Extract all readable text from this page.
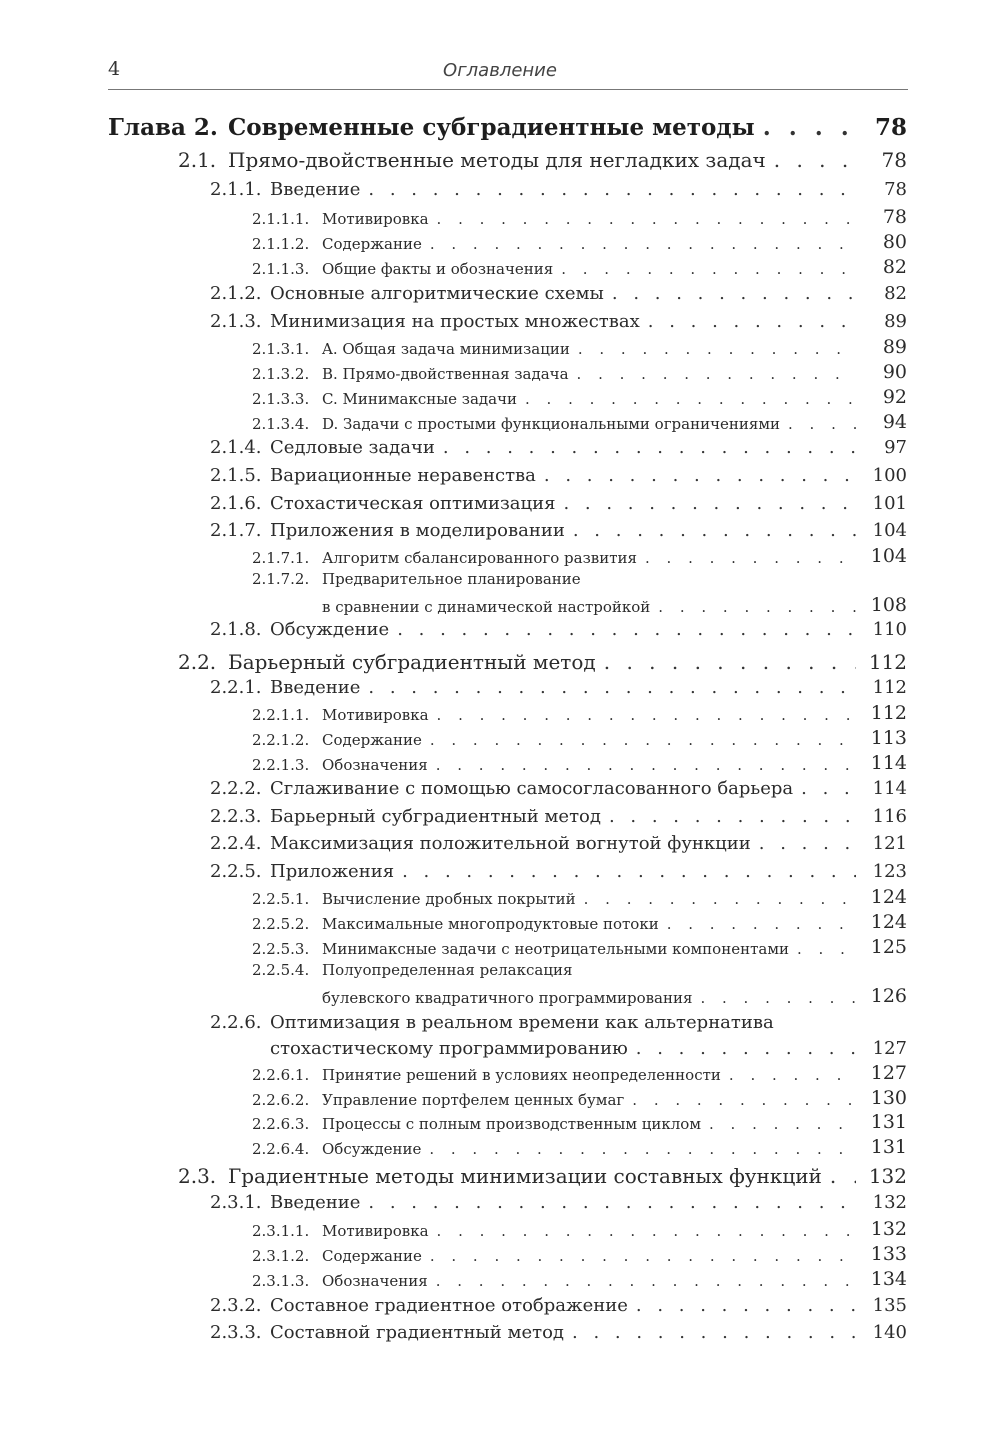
4	Оглавление
Глава 2. Современные субградиентные методы . . .	78
2.1. Прямо-двойственные методы для негладких задач . . .	78
2.1.1. Введение . . .	78
2.1.1.1. Мотивировка . . .	78
2.1.1.2. Содержание . . .	80
2.1.1.3. Общие факты и обозначения . . .	82
2.1.2. Основные алгоритмические схемы . . .	82
2.1.3. Минимизация на простых множествах . . .	89
2.1.3.1. A. Общая задача минимизации . . .	89
2.1.3.2. B. Прямо-двойственная задача . . .	90
2.1.3.3. C. Минимаксные задачи . . .	92
2.1.3.4. D. Задачи с простыми функциональными ограничениями . . .	94
2.1.4. Седловые задачи . . .	97
2.1.5. Вариационные неравенства . . .	100
2.1.6. Стохастическая оптимизация . . .	101
2.1.7. Приложения в моделировании . . .	104
2.1.7.1. Алгоритм сбалансированного развития . . .	104
2.1.7.2. Предварительное планирование
в сравнении с динамической настройкой . . .	108
2.1.8. Обсуждение . . .	110
2.2. Барьерный субградиентный метод . . .	112
2.2.1. Введение . . .	112
2.2.1.1. Мотивировка . . .	112
2.2.1.2. Содержание . . .	113
2.2.1.3. Обозначения . . .	114
2.2.2. Сглаживание с помощью самосогласованного барьера . . .	114
2.2.3. Барьерный субградиентный метод . . .	116
2.2.4. Максимизация положительной вогнутой функции . . .	121
2.2.5. Приложения . . .	123
2.2.5.1. Вычисление дробных покрытий . . .	124
2.2.5.2. Максимальные многопродуктовые потоки . . .	124
2.2.5.3. Минимаксные задачи с неотрицательными компонентами . . .	125
2.2.5.4. Полуопределенная релаксация
булевского квадратичного программирования . . .	126
2.2.6. Оптимизация в реальном времени как альтернатива
стохастическому программированию . . .	127
2.2.6.1. Принятие решений в условиях неопределенности . . .	127
2.2.6.2. Управление портфелем ценных бумаг . . .	130
2.2.6.3. Процессы с полным производственным циклом . . .	131
2.2.6.4. Обсуждение . . .	131
2.3. Градиентные методы минимизации составных функций . . .	132
2.3.1. Введение . . .	132
2.3.1.1. Мотивировка . . .	132
2.3.1.2. Содержание . . .	133
2.3.1.3. Обозначения . . .	134
2.3.2. Составное градиентное отображение . . .	135
2.3.3. Составной градиентный метод . . .	140
